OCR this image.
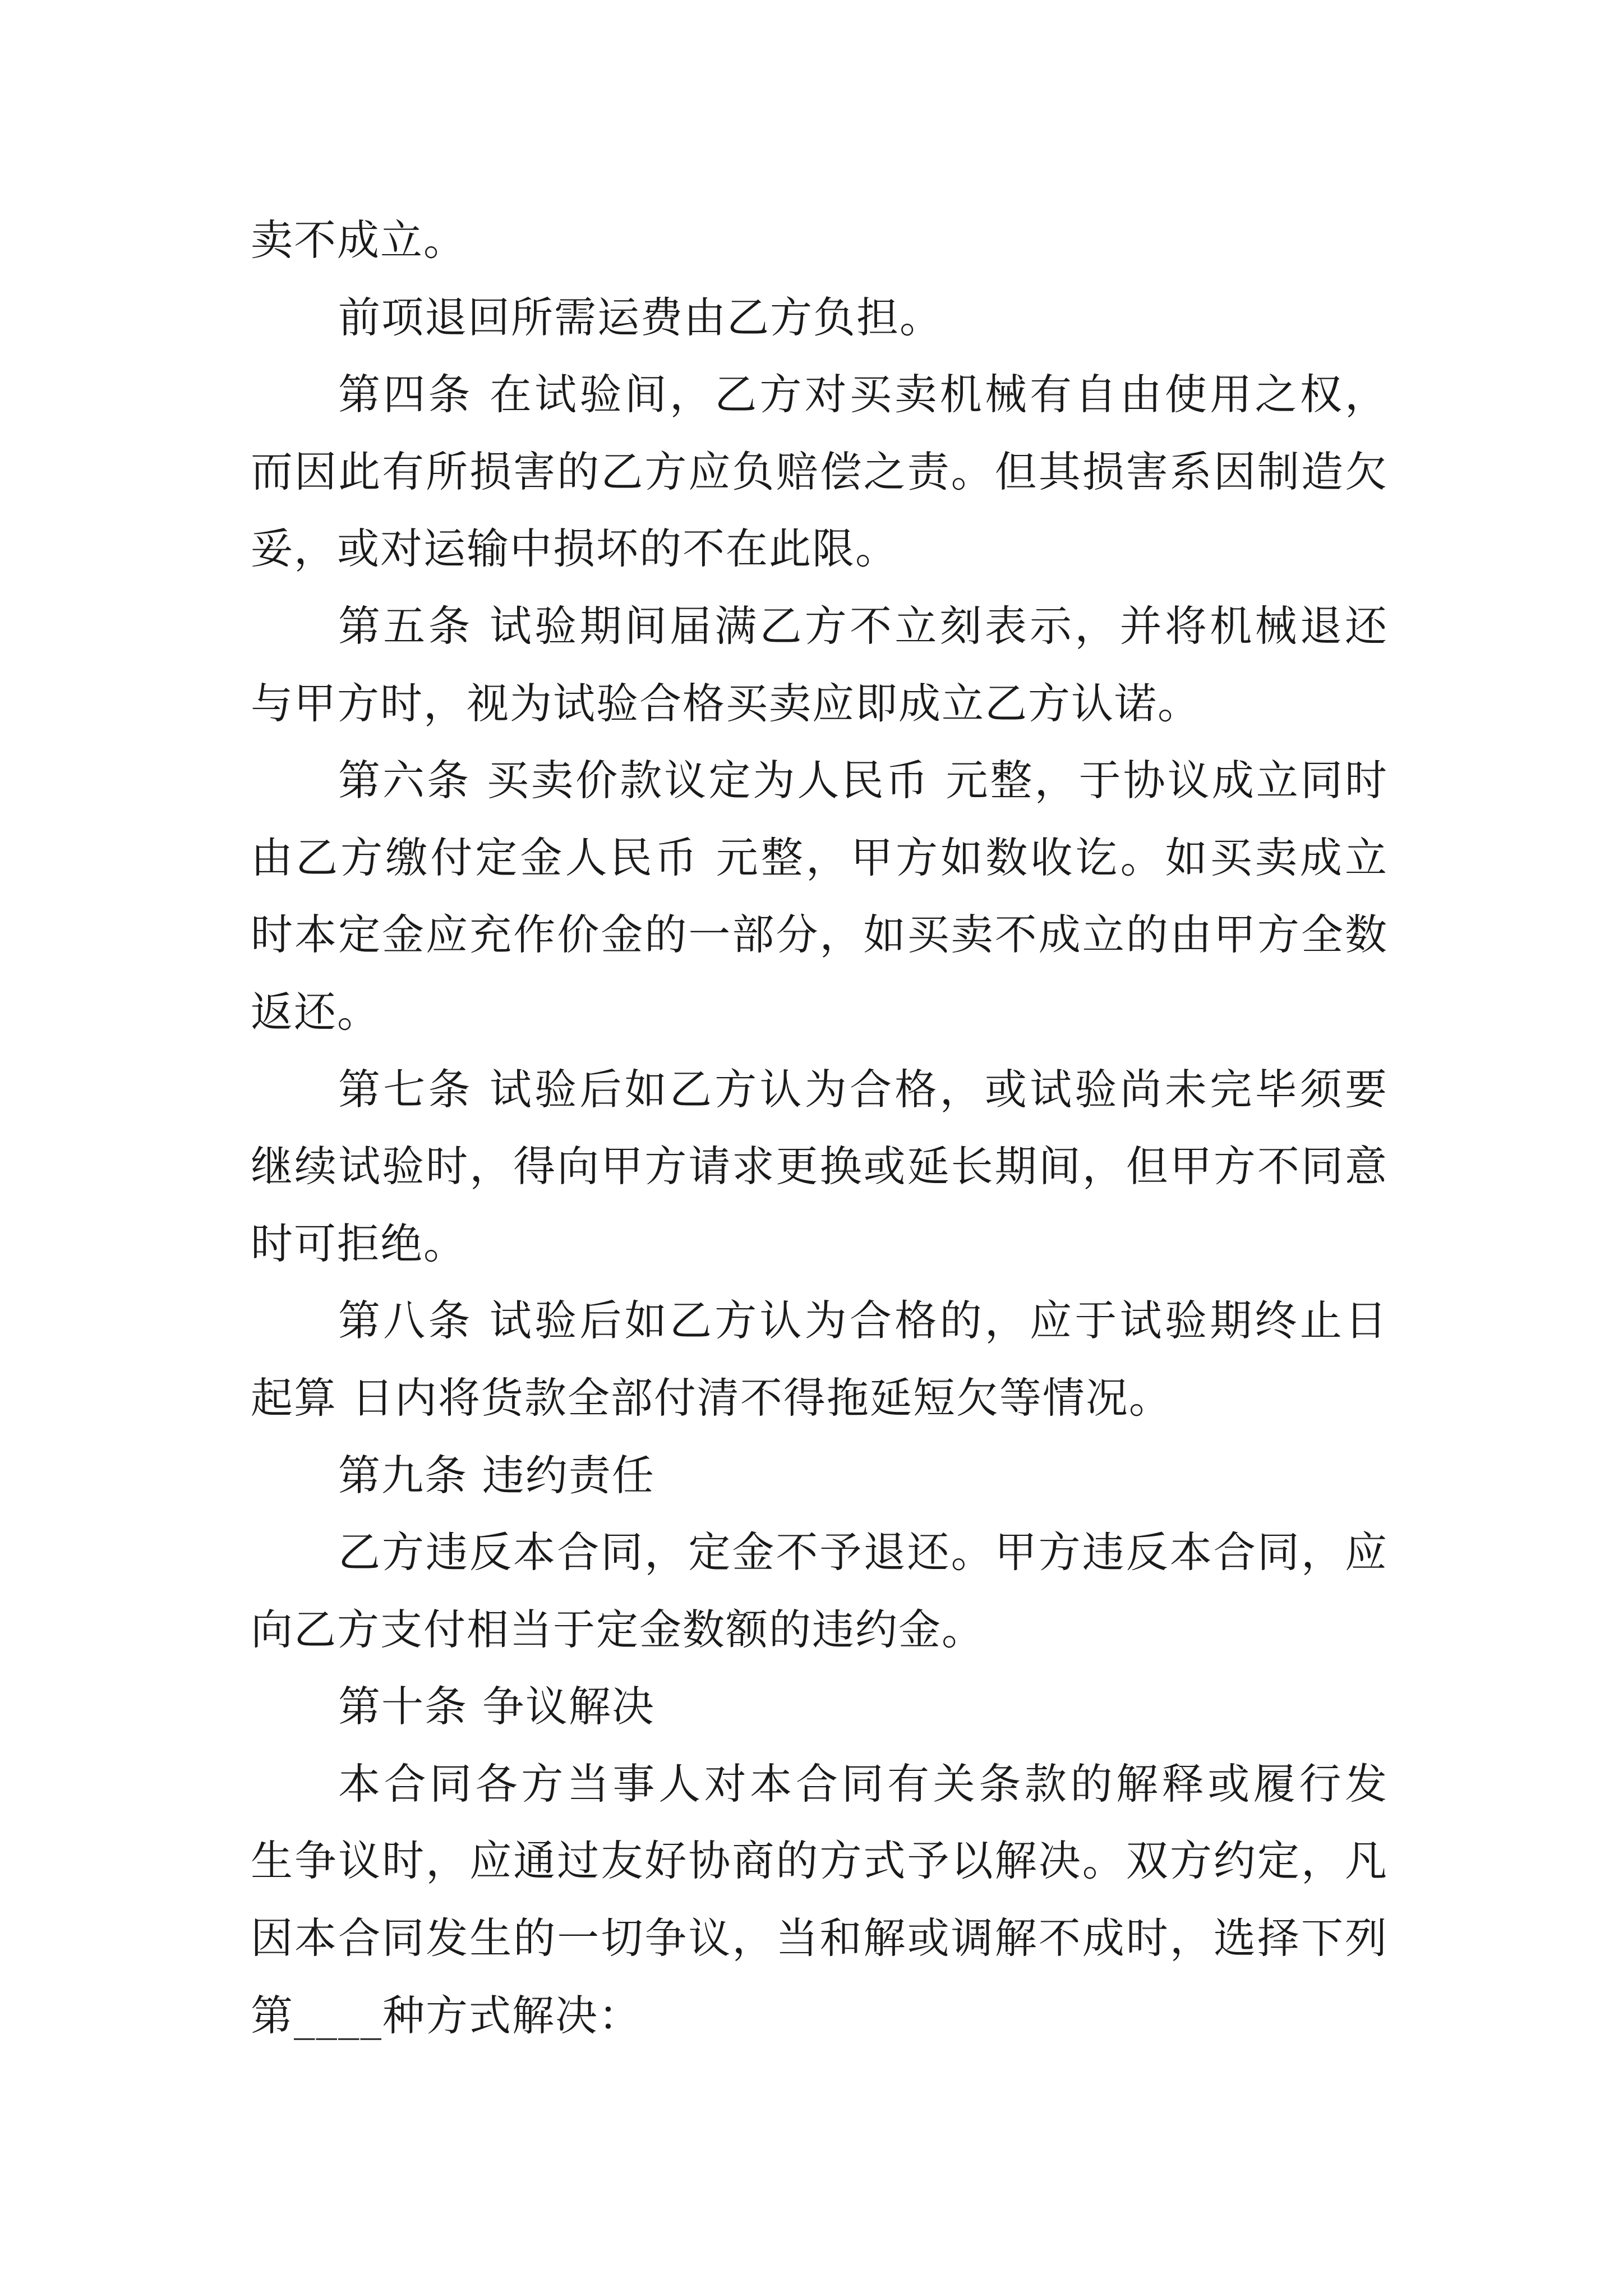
卖不成立。
前项退回所需运费由乙方负担。
第四条 在试验间，乙方对买卖机械有自由使用之权，
而因此有所损害的乙方应负赔偿之责。但其损害系因制造欠
妥，或对运输中损坏的不在此限。
第五条 试验期间届满乙方不立刻表示，并将机械退还
与甲方时，视为试验合格买卖应即成立乙方认诺。
第六条 买卖价款议定为人民币 元整，于协议成立同时
由乙方缴付定金人民币 元整，甲方如数收讫。如买卖成立
时本定金应充作价金的一部分，如买卖不成立的由甲方全数
返还。
第七条 试验后如乙方认为合格，或试验尚未完毕须要
继续试验时，得向甲方请求更换或延长期间，但甲方不同意
时可拒绝。
第八条 试验后如乙方认为合格的，应于试验期终止日
起算 日内将货款全部付清不得拖延短欠等情况。
第九条 违约责任
乙方违反本合同，定金不予退还。甲方违反本合同，应
向乙方支付相当于定金数额的违约金。
第十条 争议解决
本合同各方当事人对本合同有关条款的解释或履行发
生争议时，应通过友好协商的方式予以解决。双方约定，凡
因本合同发生的一切争议，当和解或调解不成时，选择下列
第____种方式解决：
